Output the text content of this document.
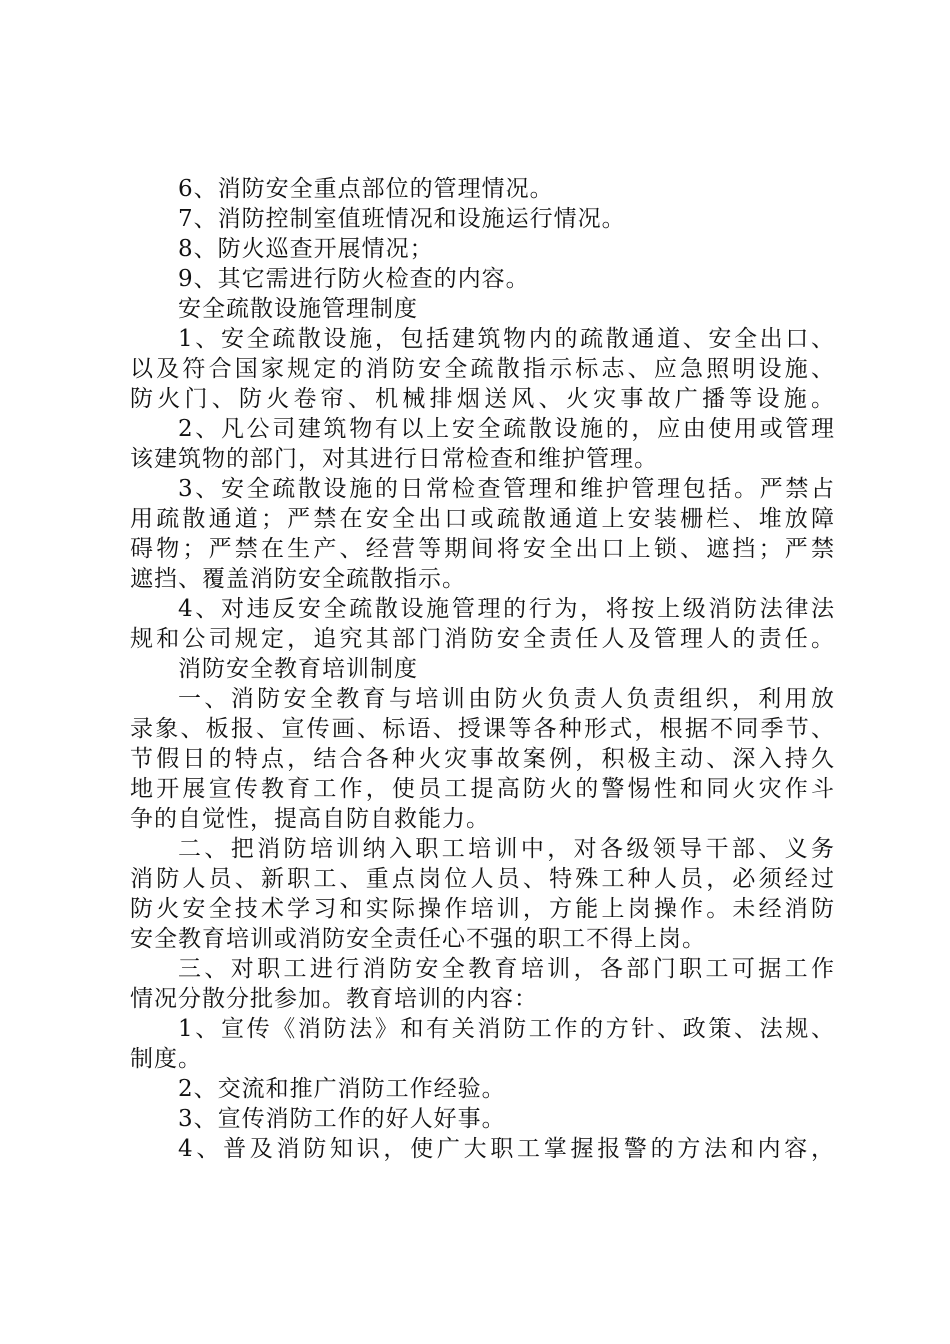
6、消防安全重点部位的管理情况。
7、消防控制室值班情况和设施运行情况。
8、防火巡查开展情况；
9、其它需进行防火检查的内容。
安全疏散设施管理制度
1、安全疏散设施，包括建筑物内的疏散通道、安全出口、
以及符合国家规定的消防安全疏散指示标志、应急照明设施、
防火门、防火卷帘、机械排烟送风、火灾事故广播等设施。
2、凡公司建筑物有以上安全疏散设施的，应由使用或管理
该建筑物的部门，对其进行日常检查和维护管理。
3、安全疏散设施的日常检查管理和维护管理包括。严禁占
用疏散通道；严禁在安全出口或疏散通道上安装栅栏、堆放障
碍物；严禁在生产、经营等期间将安全出口上锁、遮挡；严禁
遮挡、覆盖消防安全疏散指示。
4、对违反安全疏散设施管理的行为，将按上级消防法律法
规和公司规定，追究其部门消防安全责任人及管理人的责任。
消防安全教育培训制度
一、消防安全教育与培训由防火负责人负责组织，利用放
录象、板报、宣传画、标语、授课等各种形式，根据不同季节、
节假日的特点，结合各种火灾事故案例，积极主动、深入持久
地开展宣传教育工作，使员工提高防火的警惕性和同火灾作斗
争的自觉性，提高自防自救能力。
二、把消防培训纳入职工培训中，对各级领导干部、义务
消防人员、新职工、重点岗位人员、特殊工种人员，必须经过
防火安全技术学习和实际操作培训，方能上岗操作。未经消防
安全教育培训或消防安全责任心不强的职工不得上岗。
三、对职工进行消防安全教育培训，各部门职工可据工作
情况分散分批参加。教育培训的内容：
1、宣传《消防法》和有关消防工作的方针、政策、法规、
制度。
2、交流和推广消防工作经验。
3、宣传消防工作的好人好事。
4、普及消防知识，使广大职工掌握报警的方法和内容，
